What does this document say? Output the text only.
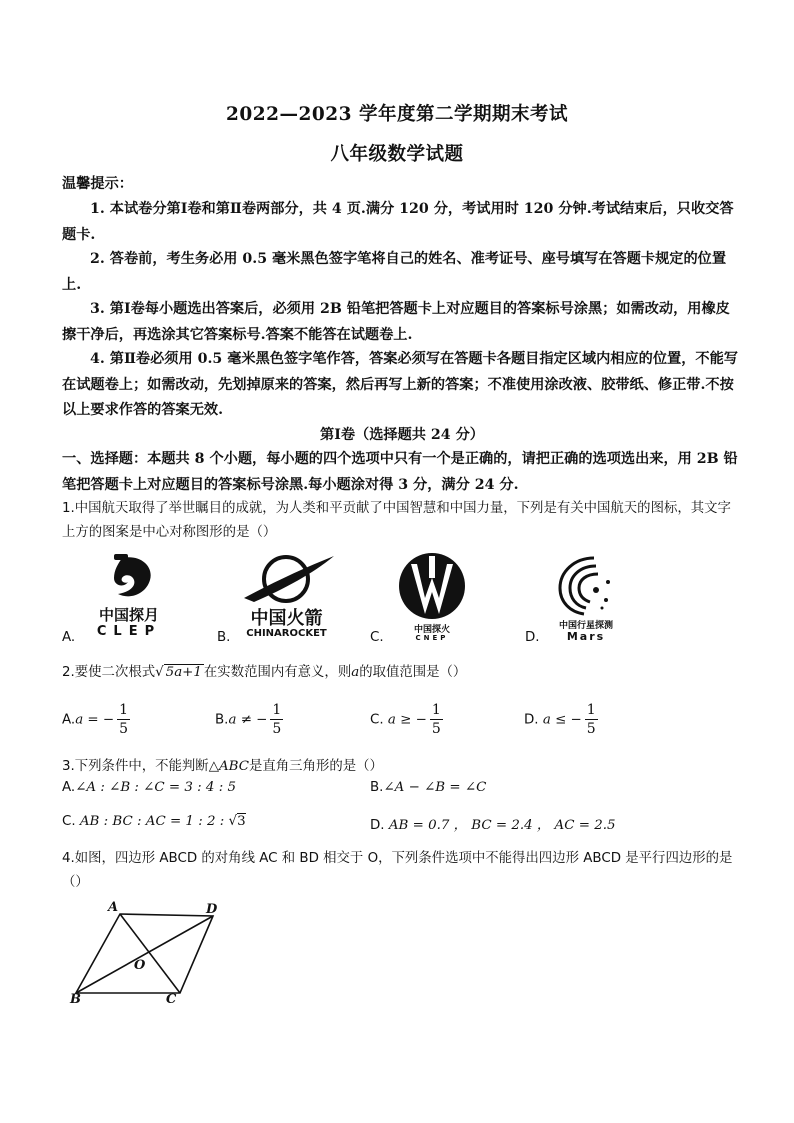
2022—2023 学年度第二学期期末考试
八年级数学试题
温馨提示：
1. 本试卷分第Ⅰ卷和第Ⅱ卷两部分，共 4 页.满分 120 分，考试用时 120 分钟.考试结束后，只收交答题卡.
2. 答卷前，考生务必用 0.5 毫米黑色签字笔将自己的姓名、准考证号、座号填写在答题卡规定的位置上.
3. 第Ⅰ卷每小题选出答案后，必须用 2B 铅笔把答题卡上对应题目的答案标号涂黑；如需改动，用橡皮擦干净后，再选涂其它答案标号.答案不能答在试题卷上.
4. 第Ⅱ卷必须用 0.5 毫米黑色签字笔作答，答案必须写在答题卡各题目指定区域内相应的位置，不能写在试题卷上；如需改动，先划掉原来的答案，然后再写上新的答案；不准使用涂改液、胶带纸、修正带.不按以上要求作答的答案无效.
第Ⅰ卷（选择题共 24 分）
一、选择题：本题共 8 个小题，每小题的四个选项中只有一个是正确的，请把正确的选项选出来，用 2B 铅笔把答题卡上对应题目的答案标号涂黑.每小题涂对得 3 分，满分 24 分.
1.中国航天取得了举世瞩目的成就，为人类和平贡献了中国智慧和中国力量，下列是有关中国航天的图标，其文字上方的图案是中心对称图形的是（）
A.
中国探月
CLEP	B.
中国火箭
CHINAROCKET	C.	中国探火
CNEP	D.
中国行星探测
Mars
2.要使二次根式√ 5a+1 在实数范围内有意义，则a的取值范围是（）
A.a = − $\frac{1}{5}$	B.a ≠ − $\frac{1}{5}$	C. a ≥ − $\frac{1}{5}$	D. a ≤ − $\frac{1}{5}$
3.下列条件中，不能判断△ABC是直角三角形的是（）
A.∠A : ∠B : ∠C = 3 : 4 : 5	B.∠A − ∠B = ∠C
C. AB : BC : AC = 1 : 2 : √3	D. AB = 0.7 ， BC = 2.4 ， AC = 2.5
4.如图，四边形 ABCD 的对角线 AC 和 BD 相交于 O，下列条件选项中不能得出四边形 ABCD 是平行四边形的是（）
A	D
O
B	C
